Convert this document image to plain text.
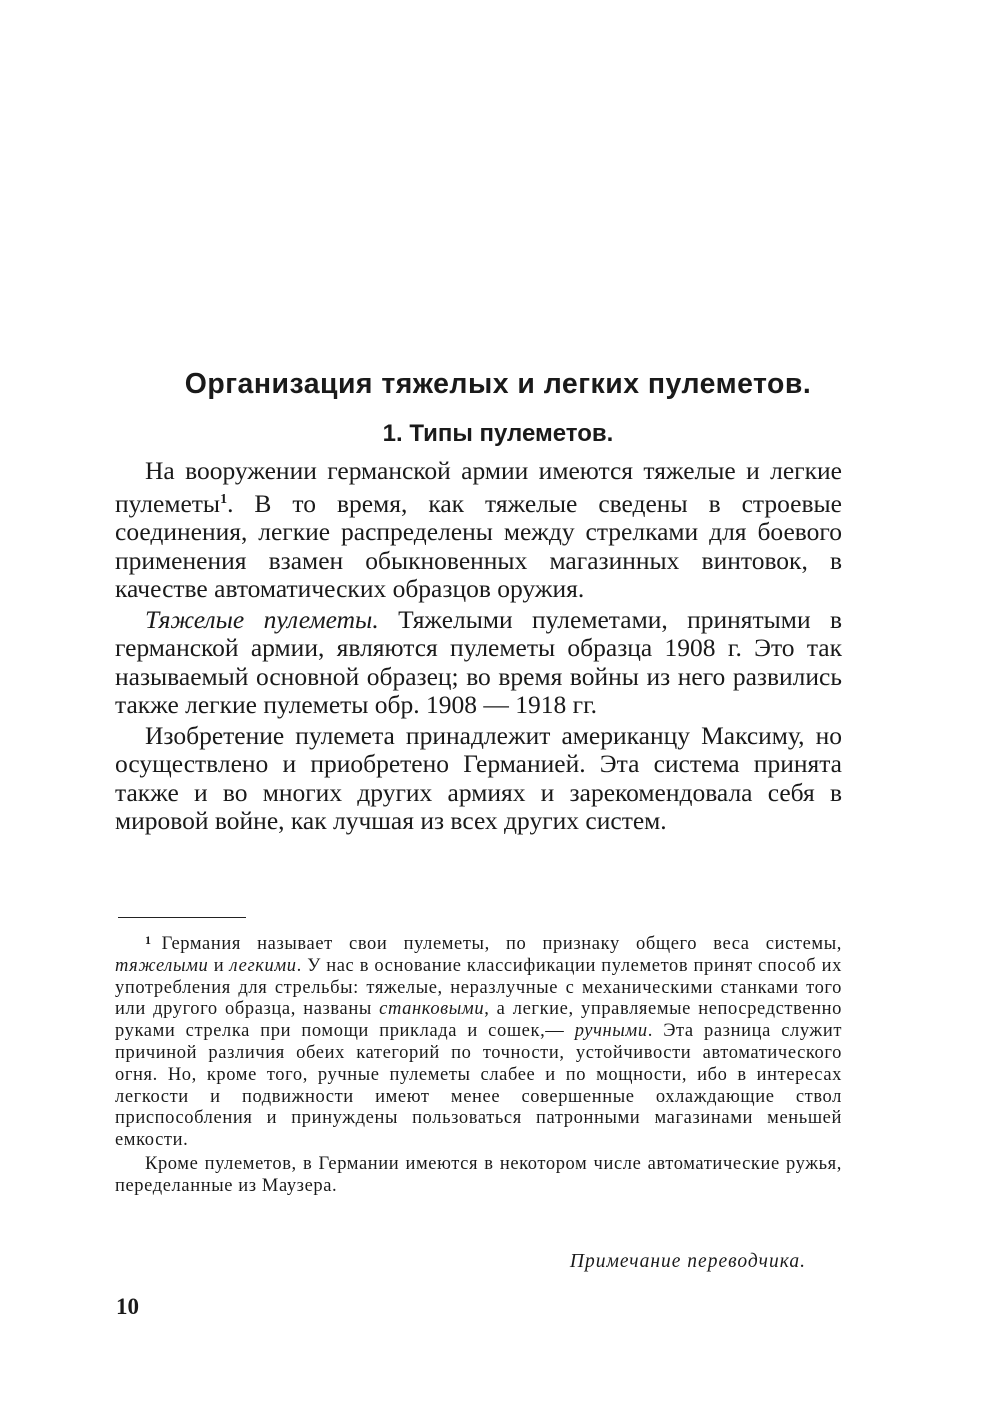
Организация тяжелых и легких пулеметов.
1. Типы пулеметов.

На вооружении германской армии имеются тяжелые и легкие пулеметы$^1$. В то время, как тяжелые сведены в строевые соединения, легкие распределены между стрелками для боевого применения взамен обыкновенных магазинных винтовок, в качестве автоматических образцов оружия.

Тяжелые пулеметы. Тяжелыми пулеметами, принятыми в германской армии, являются пулеметы образца 1908 г. Это так называемый основной образец; во время войны из него развились также легкие пулеметы обр. 1908 — 1918 гг.

Изобретение пулемета принадлежит американцу Максиму, но осуществлено и приобретено Германией. Эта система принята также и во многих других армиях и зарекомендовала себя в мировой войне, как лучшая из всех других систем.

$^1$ Германия называет свои пулеметы, по признаку общего веса системы, тяжелыми и легкими. У нас в основание классификации пулеметов принят способ их употребления для стрельбы: тяжелые, неразлучные с механическими станками того или другого образца, названы станковыми, а легкие, управляемые непосредственно руками стрелка при помощи приклада и сошек,— ручными. Эта разница служит причиной различия обеих категорий по точности, устойчивости автоматического огня. Но, кроме того, ручные пулеметы слабее и по мощности, ибо в интересах легкости и подвижности имеют менее совершенные охлаждающие ствол приспособления и принуждены пользоваться патронными магазинами меньшей емкости.

Кроме пулеметов, в Германии имеются в некотором числе автоматические ружья, переделанные из Маузера.

Примечание переводчика.

10
